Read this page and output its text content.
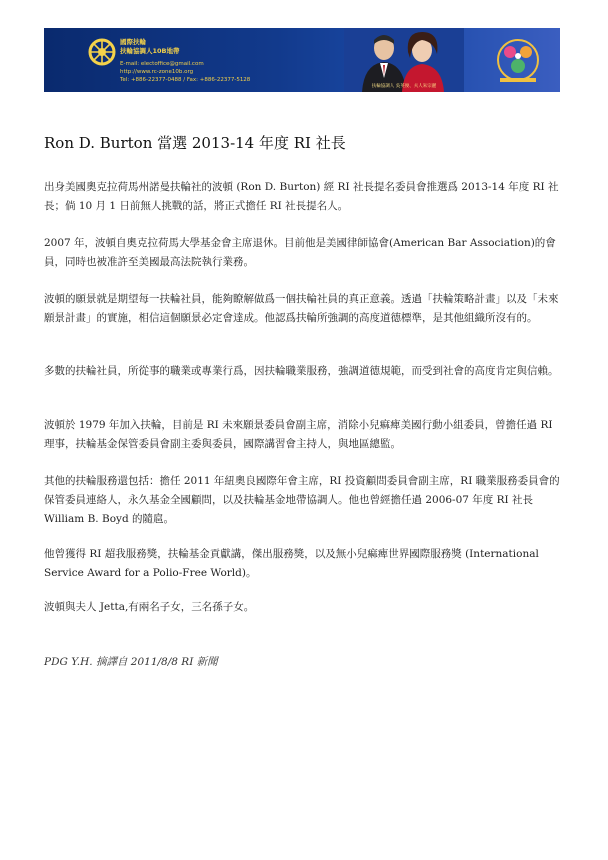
國際扶輪
扶輪協調人10B地帶
E-mail: electoffice@gmail.com
http://www.rc-zone10b.org
Tel: +886-22377-0488 / Fax: +886-22377-5128
扶輪協調人 吳英俊、夫人朱宗麗
Ron D. Burton 當選 2013-14 年度 RI 社長

出身美國奧克拉荷馬州諾曼扶輪社的波頓 (Ron D. Burton) 經 RI 社長提名委員會推選爲 2013-14 年度 RI 社長；倘 10 月 1 日前無人挑戰的話，將正式擔任 RI 社長提名人。

2007 年，波頓自奧克拉荷馬大學基金會主席退休。目前他是美國律師協會(American Bar Association)的會員，同時也被准許至美國最高法院執行業務。

波頓的願景就是期望每一扶輪社員，能夠瞭解做爲一個扶輪社員的真正意義。透過「扶輪策略計畫」以及「未來願景計畫」的實施，相信這個願景必定會達成。他認爲扶輪所強調的高度道德標準，是其他組織所沒有的。

多數的扶輪社員，所從事的職業或專業行爲，因扶輪職業服務，強調道德規範，而受到社會的高度肯定與信賴。

波頓於 1979 年加入扶輪，目前是 RI 未來願景委員會副主席，消除小兒痲痺美國行動小組委員，曾擔任過 RI 理事，扶輪基金保管委員會副主委與委員，國際講習會主持人，與地區總監。

其他的扶輪服務還包括：擔任 2011 年紐奧良國際年會主席，RI 投資顧問委員會副主席，RI 職業服務委員會的保管委員連絡人，永久基金全國顧問，以及扶輪基金地帶協調人。他也曾經擔任過 2006-07 年度 RI 社長 William B. Boyd 的隨扈。

他曾獲得 RI 超我服務獎，扶輪基金貢獻講，傑出服務獎，以及無小兒痲痺世界國際服務獎 (International Service Award for a Polio-Free World)。

波頓與夫人 Jetta,有兩名子女，三名孫子女。

PDG Y.H. 摘譯自 2011/8/8 RI 新聞
